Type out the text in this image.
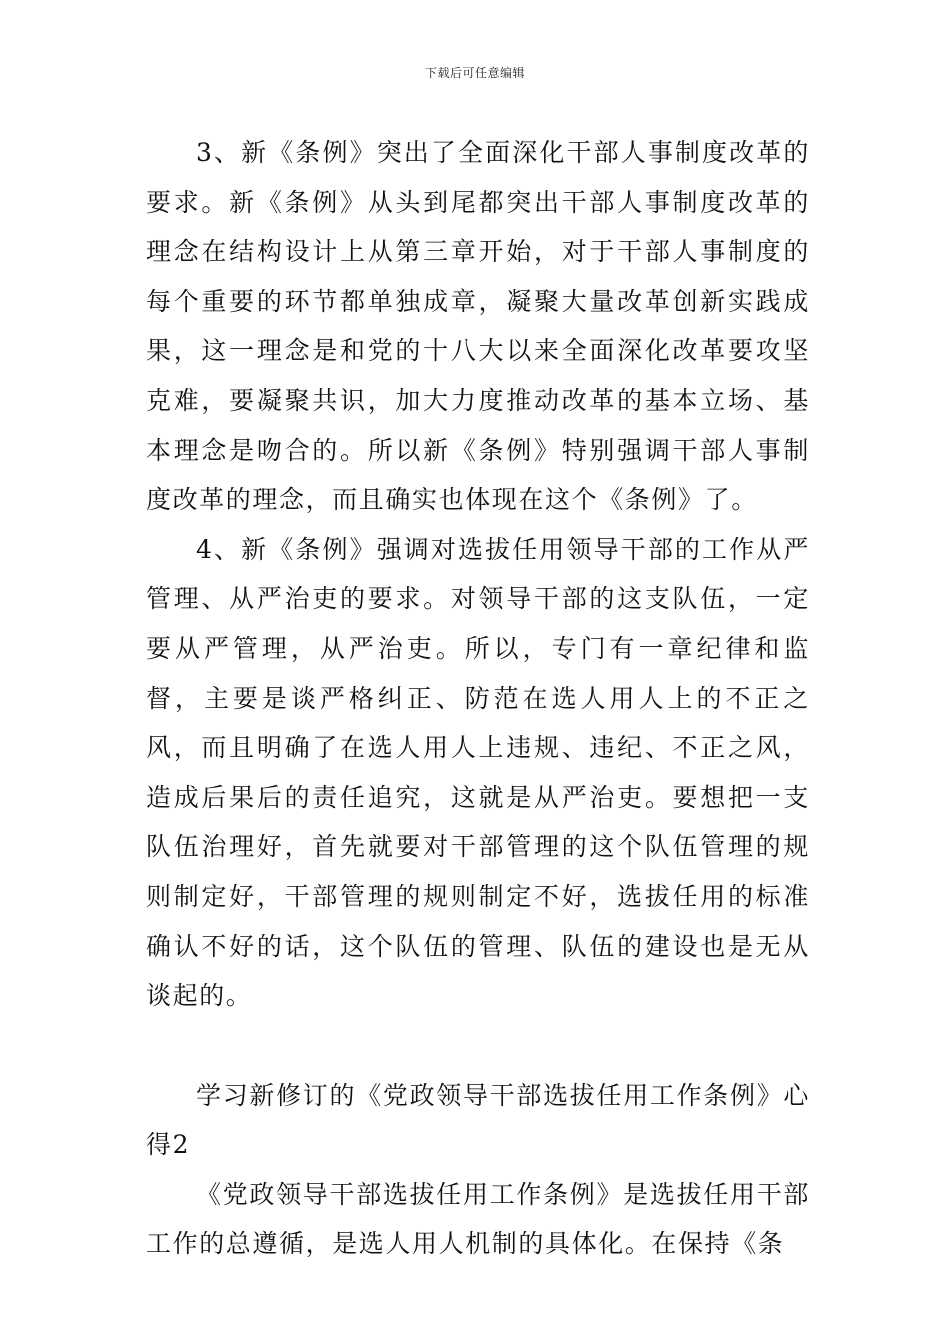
下载后可任意编辑

3、新《条例》突出了全面深化干部人事制度改革的要求。新《条例》从头到尾都突出干部人事制度改革的理念在结构设计上从第三章开始，对于干部人事制度的每个重要的环节都单独成章，凝聚大量改革创新实践成果，这一理念是和党的十八大以来全面深化改革要攻坚克难，要凝聚共识，加大力度推动改革的基本立场、基本理念是吻合的。所以新《条例》特别强调干部人事制度改革的理念，而且确实也体现在这个《条例》了。

4、新《条例》强调对选拔任用领导干部的工作从严管理、从严治吏的要求。对领导干部的这支队伍，一定要从严管理，从严治吏。所以，专门有一章纪律和监督，主要是谈严格纠正、防范在选人用人上的不正之风，而且明确了在选人用人上违规、违纪、不正之风，造成后果后的责任追究，这就是从严治吏。要想把一支队伍治理好，首先就要对干部管理的这个队伍管理的规则制定好，干部管理的规则制定不好，选拔任用的标准确认不好的话，这个队伍的管理、队伍的建设也是无从谈起的。

学习新修订的《党政领导干部选拔任用工作条例》心得2

《党政领导干部选拔任用工作条例》是选拔任用干部工作的总遵循，是选人用人机制的具体化。在保持《条
